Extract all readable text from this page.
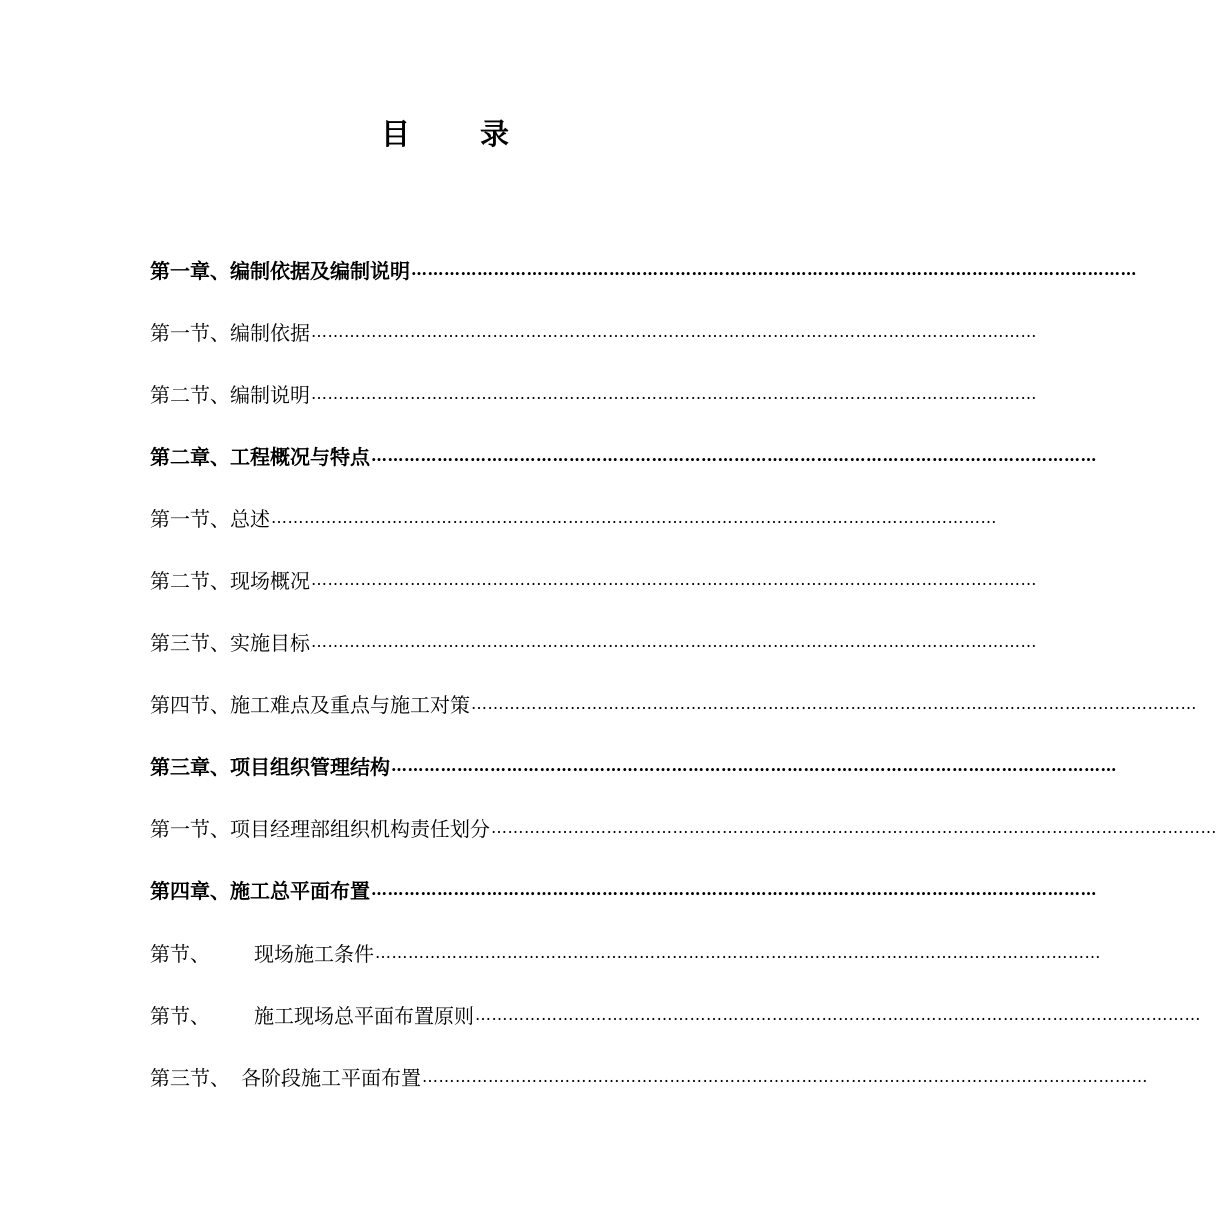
目 录
第一章、编制依据及编制说明 ……………………………………………………………………………………………………………………
第一节、编制依据 ……………………………………………………………………………………………………………………
第二节、编制说明 ……………………………………………………………………………………………………………………
第二章、工程概况与特点 ……………………………………………………………………………………………………………………
第一节、总述 ……………………………………………………………………………………………………………………
第二节、现场概况 ……………………………………………………………………………………………………………………
第三节、实施目标 ……………………………………………………………………………………………………………………
第四节、施工难点及重点与施工对策 ……………………………………………………………………………………………………………………
第三章、项目组织管理结构 ……………………………………………………………………………………………………………………
第一节、项目经理部组织机构责任划分 ……………………………………………………………………………………………………………………
第四章、施工总平面布置 ……………………………………………………………………………………………………………………
第节、 现场施工条件 ……………………………………………………………………………………………………………………
第节、 施工现场总平面布置原则 ……………………………………………………………………………………………………………………
第三节、 各阶段施工平面布置 ……………………………………………………………………………………………………………………
